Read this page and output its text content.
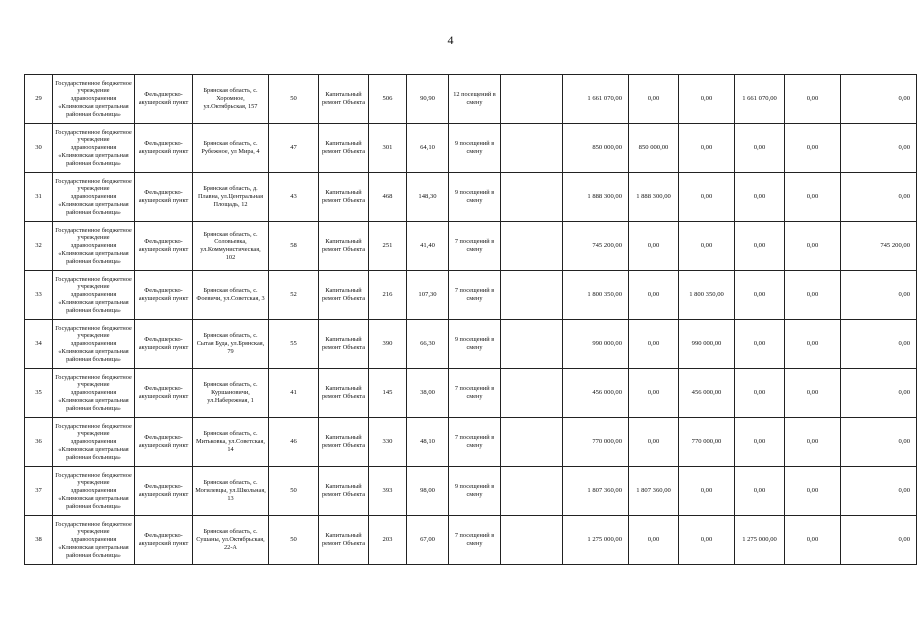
4
29	Государственное бюджетное учреждение здравоохранения «Климовская центральная районная больница»	Фельдшерско-акушерский пункт	Брянская область, с. Хоромное, ул.Октябрьская, 157	50	Капитальный ремонт Объекта	506	90,90	12 посещений в смену		1 661 070,00	0,00	0,00	1 661 070,00	0,00	0,00
30	Государственное бюджетное учреждение здравоохранения «Климовская центральная районная больница»	Фельдшерско-акушерский пункт	Брянская область, с. Рубежное, ул Мира, 4	47	Капитальный ремонт Объекта	301	64,10	9 посещений в смену		850 000,00	850 000,00	0,00	0,00	0,00	0,00
31	Государственное бюджетное учреждение здравоохранения «Климовская центральная районная больница»	Фельдшерско-акушерский пункт	Брянская область, д. Плавна, ул.Центральная Площадь, 12	43	Капитальный ремонт Объекта	468	148,30	9 посещений в смену		1 888 300,00	1 888 300,00	0,00	0,00	0,00	0,00
32	Государственное бюджетное учреждение здравоохранения «Климовская центральная районная больница»	Фельдшерско-акушерский пункт	Брянская область, с. Соловьевка, ул.Коммунистическая, 102	58	Капитальный ремонт Объекта	251	41,40	7 посещений в смену		745 200,00	0,00	0,00	0,00	0,00	745 200,00
33	Государственное бюджетное учреждение здравоохранения «Климовская центральная районная больница»	Фельдшерско-акушерский пункт	Брянская область, с. Фоевичи, ул.Советская, 3	52	Капитальный ремонт Объекта	216	107,30	7 посещений в смену		1 800 350,00	0,00	1 800 350,00	0,00	0,00	0,00
34	Государственное бюджетное учреждение здравоохранения «Климовская центральная районная больница»	Фельдшерско-акушерский пункт	Брянская область, с. Сытая Буда, ул.Брянская, 79	55	Капитальный ремонт Объекта	390	66,30	9 посещений в смену		990 000,00	0,00	990 000,00	0,00	0,00	0,00
35	Государственное бюджетное учреждение здравоохранения «Климовская центральная районная больница»	Фельдшерско-акушерский пункт	Брянская область, с. Куршановичи, ул.Набережная, 1	41	Капитальный ремонт Объекта	145	38,00	7 посещений в смену		456 000,00	0,00	456 000,00	0,00	0,00	0,00
36	Государственное бюджетное учреждение здравоохранения «Климовская центральная районная больница»	Фельдшерско-акушерский пункт	Брянская область, с. Митьковка, ул.Советская, 14	46	Капитальный ремонт Объекта	330	48,10	7 посещений в смену		770 000,00	0,00	770 000,00	0,00	0,00	0,00
37	Государственное бюджетное учреждение здравоохранения «Климовская центральная районная больница»	Фельдшерско-акушерский пункт	Брянская область, с. Могилевцы, ул.Школьная, 13	50	Капитальный ремонт Объекта	393	98,00	9 посещений в смену		1 807 360,00	1 807 360,00	0,00	0,00	0,00	0,00
38	Государственное бюджетное учреждение здравоохранения «Климовская центральная районная больница»	Фельдшерско-акушерский пункт	Брянская область, с. Сушаны, ул.Октябрьская, 22-А	50	Капитальный ремонт Объекта	203	67,00	7 посещений в смену		1 275 000,00	0,00	0,00	1 275 000,00	0,00	0,00
